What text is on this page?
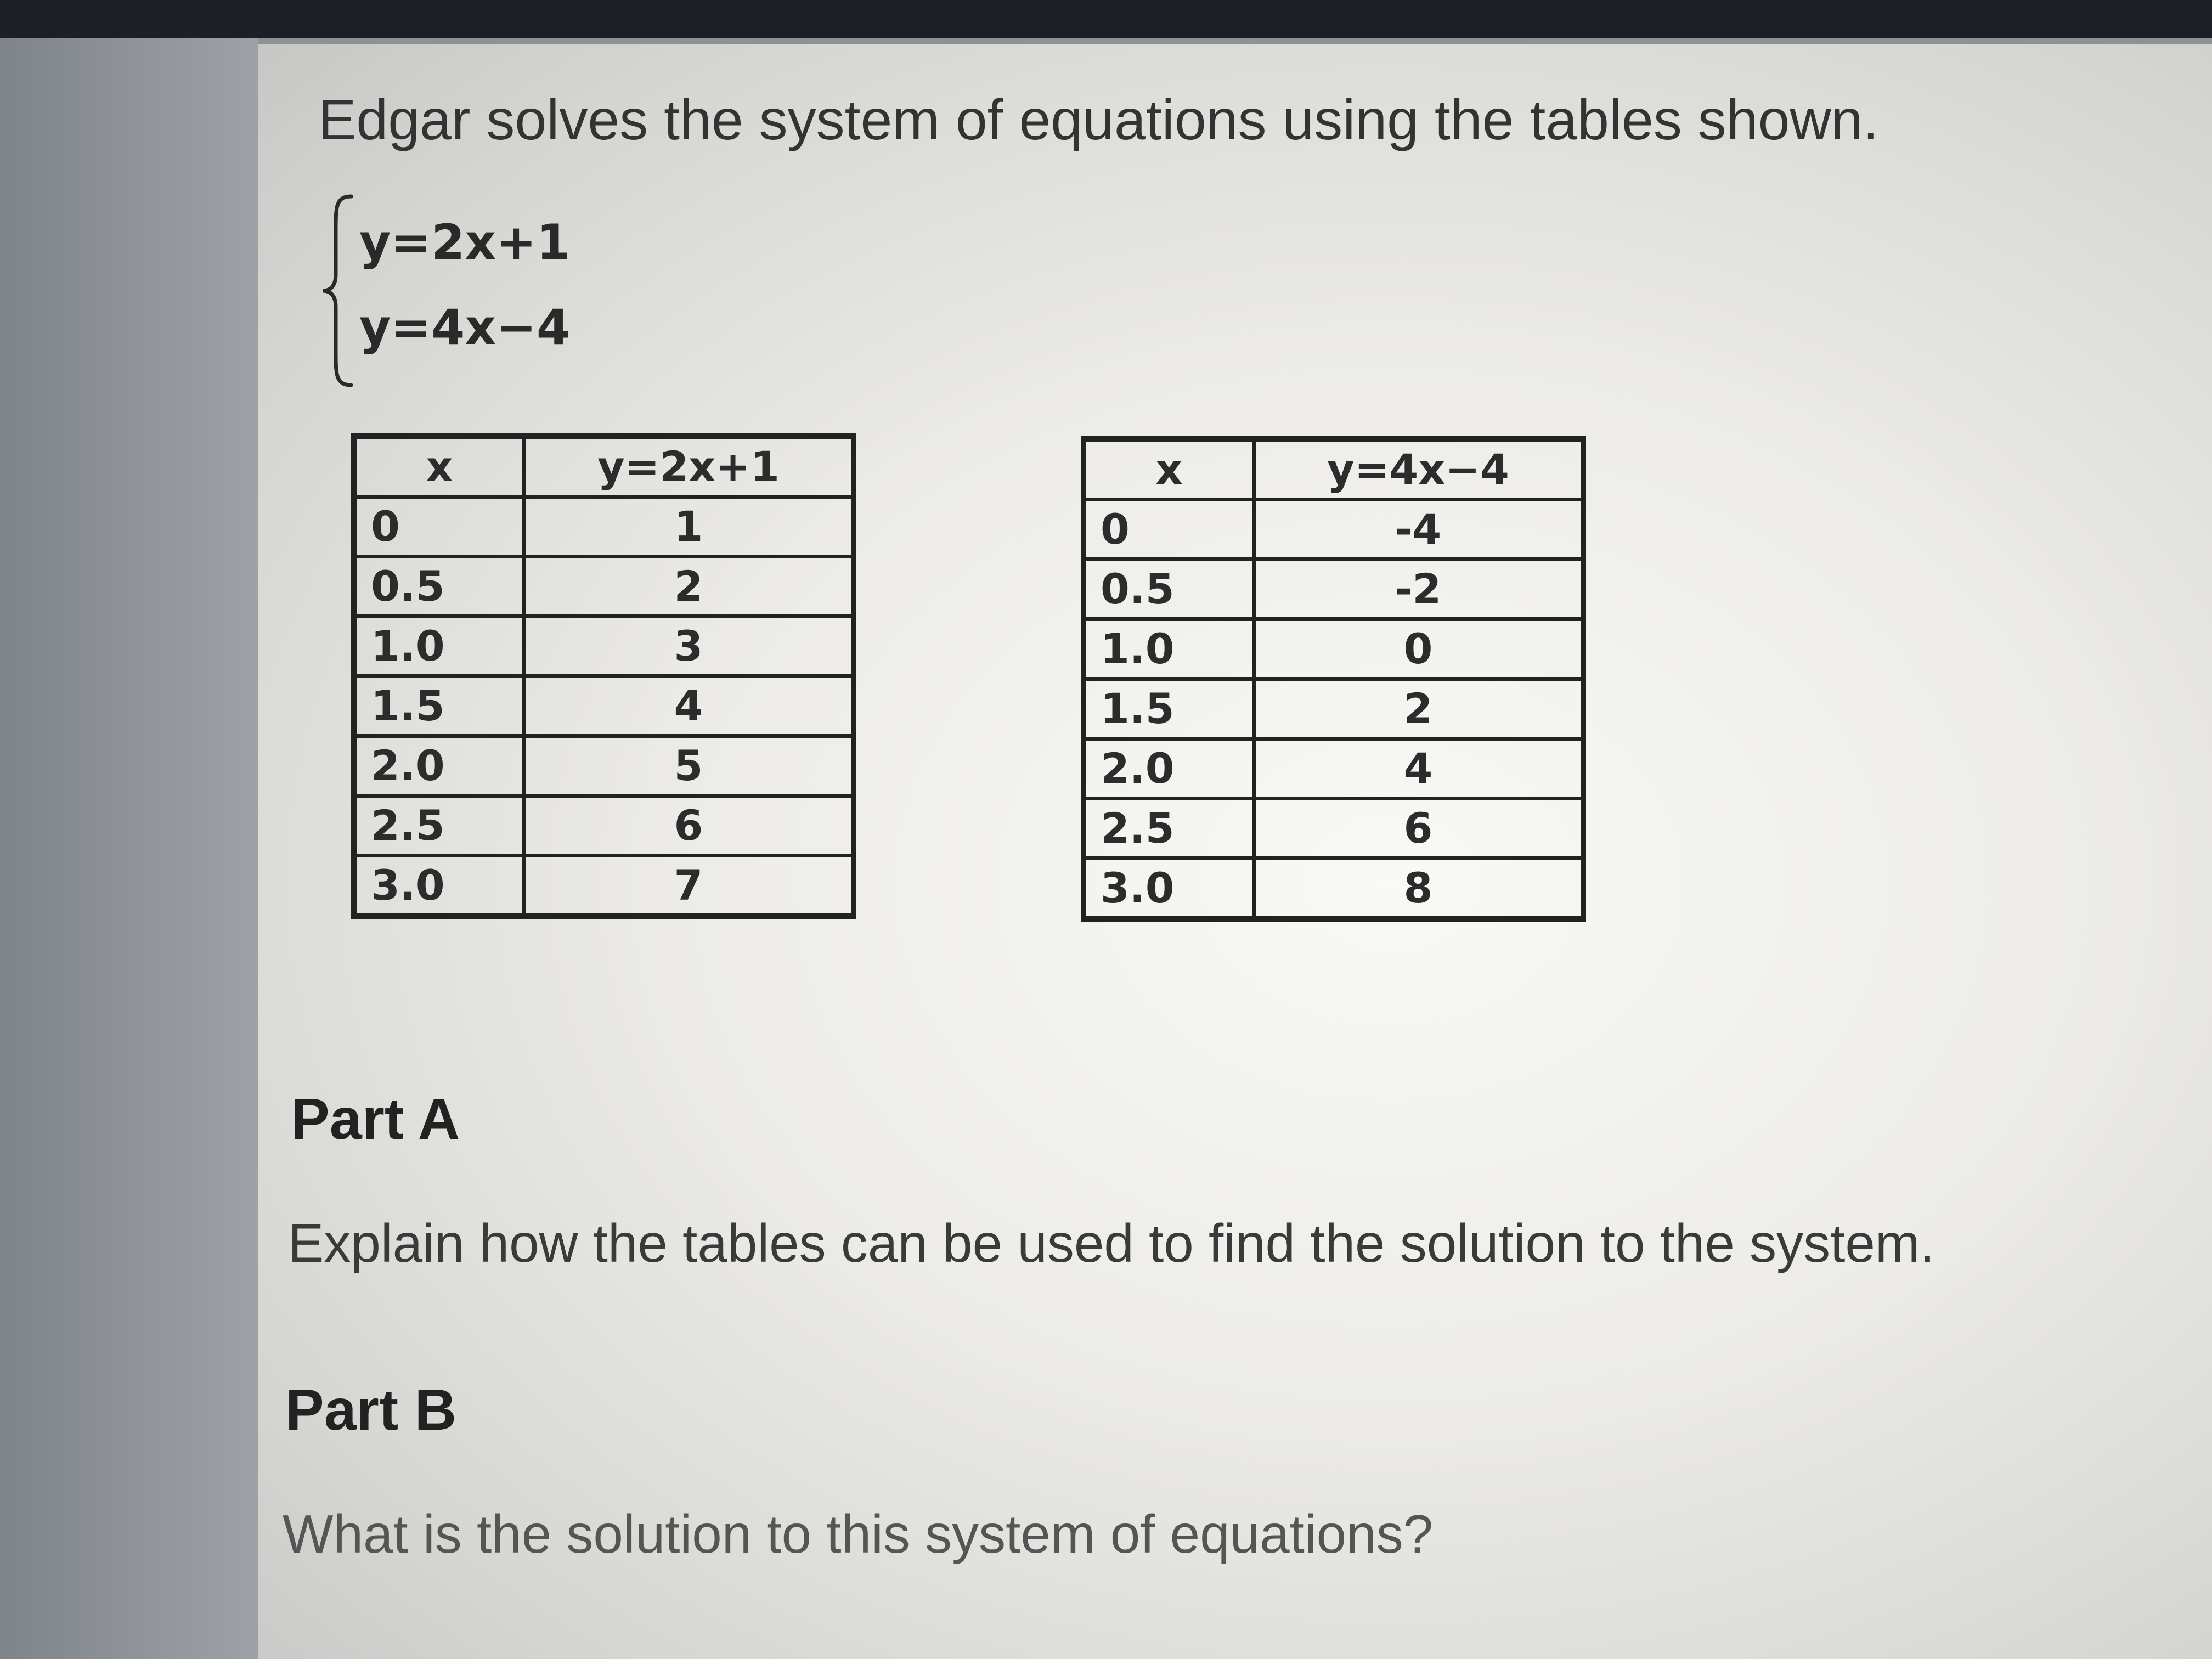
Edgar solves the system of equations using the tables shown.

y=2x+1
y=4x−4
x	y=2x+1
0	1
0.5	2
1.0	3
1.5	4
2.0	5
2.5	6
3.0	7
x	y=4x−4
0	-4
0.5	-2
1.0	0
1.5	2
2.0	4
2.5	6
3.0	8
Part A

Explain how the tables can be used to find the solution to the system.

Part B

What is the solution to this system of equations?
